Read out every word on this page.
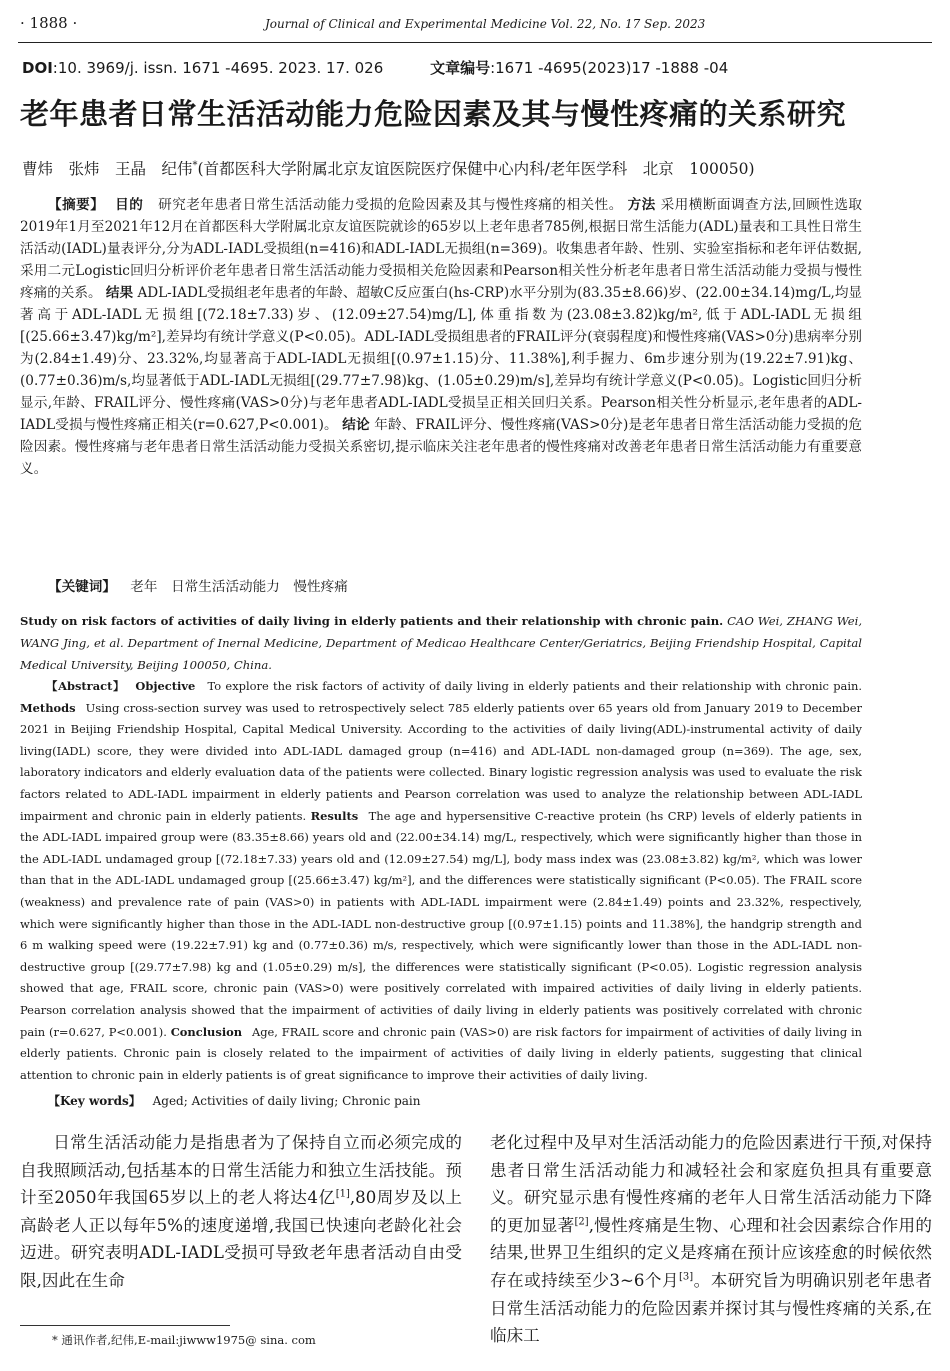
· 1888 ·	Journal of Clinical and Experimental Medicine Vol. 22, No. 17 Sep. 2023
DOI:10. 3969/j. issn. 1671 -4695. 2023. 17. 026	文章编号:1671 -4695(2023)17 -1888 -04
老年患者日常生活活动能力危险因素及其与慢性疼痛的关系研究
曹炜　张炜　王晶　纪伟*(首都医科大学附属北京友谊医院医疗保健中心内科/老年医学科　北京　100050)
【摘要】 目的 研究老年患者日常生活活动能力受损的危险因素及其与慢性疼痛的相关性。 方法 采用横断面调查方法,回顾性选取2019年1月至2021年12月在首都医科大学附属北京友谊医院就诊的65岁以上老年患者785例,根据日常生活能力(ADL)量表和工具性日常生活活动(IADL)量表评分,分为ADL-IADL受损组(n=416)和ADL-IADL无损组(n=369)。收集患者年龄、性别、实验室指标和老年评估数据,采用二元Logistic回归分析评价老年患者日常生活活动能力受损相关危险因素和Pearson相关性分析老年患者日常生活活动能力受损与慢性疼痛的关系。 结果 ADL-IADL受损组老年患者的年龄、超敏C反应蛋白(hs-CRP)水平分别为(83.35±8.66)岁、(22.00±34.14)mg/L,均显著高于ADL-IADL无损组[(72.18±7.33)岁、(12.09±27.54)mg/L],体重指数为(23.08±3.82)kg/m²,低于ADL-IADL无损组[(25.66±3.47)kg/m²],差异均有统计学意义(P<0.05)。ADL-IADL受损组患者的FRAIL评分(衰弱程度)和慢性疼痛(VAS>0分)患病率分别为(2.84±1.49)分、23.32%,均显著高于ADL-IADL无损组[(0.97±1.15)分、11.38%],利手握力、6m步速分别为(19.22±7.91)kg、(0.77±0.36)m/s,均显著低于ADL-IADL无损组[(29.77±7.98)kg、(1.05±0.29)m/s],差异均有统计学意义(P<0.05)。Logistic回归分析显示,年龄、FRAIL评分、慢性疼痛(VAS>0分)与老年患者ADL-IADL受损呈正相关回归关系。Pearson相关性分析显示,老年患者的ADL-IADL受损与慢性疼痛正相关(r=0.627,P<0.001)。 结论 年龄、FRAIL评分、慢性疼痛(VAS>0分)是老年患者日常生活活动能力受损的危险因素。慢性疼痛与老年患者日常生活活动能力受损关系密切,提示临床关注老年患者的慢性疼痛对改善老年患者日常生活活动能力有重要意义。
【关键词】 老年　日常生活活动能力　慢性疼痛
Study on risk factors of activities of daily living in elderly patients and their relationship with chronic pain. CAO Wei, ZHANG Wei, WANG Jing, et al. Department of Inernal Medicine, Department of Medicao Healthcare Center/Geriatrics, Beijing Friendship Hospital, Capital Medical University, Beijing 100050, China.
【Abstract】 Objective To explore the risk factors of activity of daily living in elderly patients and their relationship with chronic pain. Methods Using cross-section survey was used to retrospectively select 785 elderly patients over 65 years old from January 2019 to December 2021 in Beijing Friendship Hospital, Capital Medical University. According to the activities of daily living(ADL)-instrumental activity of daily living(IADL) score, they were divided into ADL-IADL damaged group (n=416) and ADL-IADL non-damaged group (n=369). The age, sex, laboratory indicators and elderly evaluation data of the patients were collected. Binary logistic regression analysis was used to evaluate the risk factors related to ADL-IADL impairment in elderly patients and Pearson correlation was used to analyze the relationship between ADL-IADL impairment and chronic pain in elderly patients. Results The age and hypersensitive C-reactive protein (hs CRP) levels of elderly patients in the ADL-IADL impaired group were (83.35±8.66) years old and (22.00±34.14) mg/L, respectively, which were significantly higher than those in the ADL-IADL undamaged group [(72.18±7.33) years old and (12.09±27.54) mg/L], body mass index was (23.08±3.82) kg/m², which was lower than that in the ADL-IADL undamaged group [(25.66±3.47) kg/m²], and the differences were statistically significant (P<0.05). The FRAIL score (weakness) and prevalence rate of pain (VAS>0) in patients with ADL-IADL impairment were (2.84±1.49) points and 23.32%, respectively, which were significantly higher than those in the ADL-IADL non-destructive group [(0.97±1.15) points and 11.38%], the handgrip strength and 6 m walking speed were (19.22±7.91) kg and (0.77±0.36) m/s, respectively, which were significantly lower than those in the ADL-IADL non-destructive group [(29.77±7.98) kg and (1.05±0.29) m/s], the differences were statistically significant (P<0.05). Logistic regression analysis showed that age, FRAIL score, chronic pain (VAS>0) were positively correlated with impaired activities of daily living in elderly patients. Pearson correlation analysis showed that the impairment of activities of daily living in elderly patients was positively correlated with chronic pain (r=0.627, P<0.001). Conclusion Age, FRAIL score and chronic pain (VAS>0) are risk factors for impairment of activities of daily living in elderly patients. Chronic pain is closely related to the impairment of activities of daily living in elderly patients, suggesting that clinical attention to chronic pain in elderly patients is of great significance to improve their activities of daily living.
【Key words】 Aged; Activities of daily living; Chronic pain
日常生活活动能力是指患者为了保持自立而必须完成的自我照顾活动,包括基本的日常生活能力和独立生活技能。预计至2050年我国65岁以上的老人将达4亿[1],80周岁及以上高龄老人正以每年5%的速度递增,我国已快速向老龄化社会迈进。研究表明ADL-IADL受损可导致老年患者活动自由受限,因此在生命
老化过程中及早对生活活动能力的危险因素进行干预,对保持患者日常生活活动能力和减轻社会和家庭负担具有重要意义。研究显示患有慢性疼痛的老年人日常生活活动能力下降的更加显著[2],慢性疼痛是生物、心理和社会因素综合作用的结果,世界卫生组织的定义是疼痛在预计应该痊愈的时候依然存在或持续至少3~6个月[3]。本研究旨为明确识别老年患者日常生活活动能力的危险因素并探讨其与慢性疼痛的关系,在临床工
* 通讯作者,纪伟,E-mail:jiwww1975@ sina. com
